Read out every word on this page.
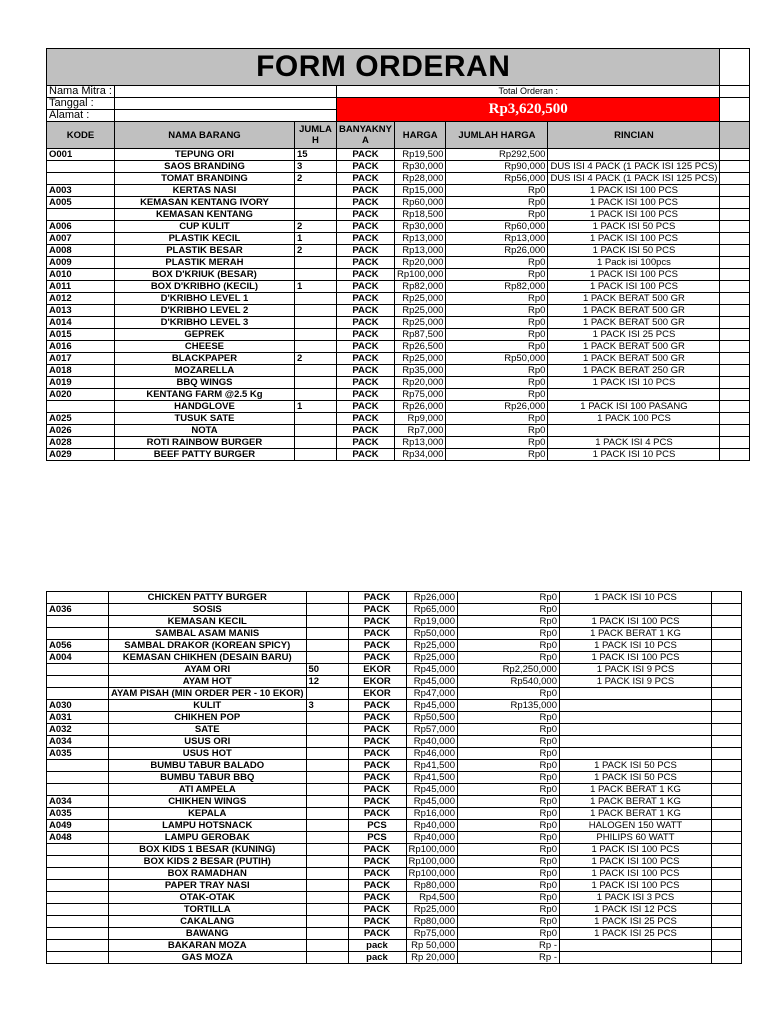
FORM ORDERAN							
Nama Mitra :			Total Orderan :				
Tanggal :			Rp3,620,500				
Alamat :							
KODE	NAMA BARANG	JUMLA H	BANYAKNY A	HARGA	JUMLAH HARGA	RINCIAN	
O001	TEPUNG ORI	15	PACK	Rp19,500	Rp292,500		
	SAOS BRANDING	3	PACK	Rp30,000	Rp90,000	DUS ISI 4 PACK (1 PACK ISI 125 PCS)	
	TOMAT BRANDING	2	PACK	Rp28,000	Rp56,000	DUS ISI 4 PACK (1 PACK ISI 125 PCS)	
A003	KERTAS NASI		PACK	Rp15,000	Rp0	1 PACK ISI 100 PCS	
A005	KEMASAN KENTANG IVORY		PACK	Rp60,000	Rp0	1 PACK ISI 100 PCS	
	KEMASAN KENTANG		PACK	Rp18,500	Rp0	1 PACK ISI 100 PCS	
A006	CUP KULIT	2	PACK	Rp30,000	Rp60,000	1 PACK ISI 50 PCS	
A007	PLASTIK KECIL	1	PACK	Rp13,000	Rp13,000	1 PACK ISI 100 PCS	
A008	PLASTIK BESAR	2	PACK	Rp13,000	Rp26,000	1 PACK ISI 50 PCS	
A009	PLASTIK MERAH		PACK	Rp20,000	Rp0	1 Pack isi 100pcs	
A010	BOX D'KRIUK (BESAR)		PACK	Rp100,000	Rp0	1 PACK ISI 100 PCS	
A011	BOX D'KRIBHO (KECIL)	1	PACK	Rp82,000	Rp82,000	1 PACK ISI 100 PCS	
A012	D'KRIBHO LEVEL 1		PACK	Rp25,000	Rp0	1 PACK BERAT 500 GR	
A013	D'KRIBHO LEVEL 2		PACK	Rp25,000	Rp0	1 PACK BERAT 500 GR	
A014	D'KRIBHO LEVEL 3		PACK	Rp25,000	Rp0	1 PACK BERAT 500 GR	
A015	GEPREK		PACK	Rp87,500	Rp0	1 PACK ISI 25 PCS	
A016	CHEESE		PACK	Rp26,500	Rp0	1 PACK BERAT 500 GR	
A017	BLACKPAPER	2	PACK	Rp25,000	Rp50,000	1 PACK BERAT 500 GR	
A018	MOZARELLA		PACK	Rp35,000	Rp0	1 PACK BERAT 250 GR	
A019	BBQ WINGS		PACK	Rp20,000	Rp0	1 PACK ISI 10 PCS	
A020	KENTANG FARM @2.5 Kg		PACK	Rp75,000	Rp0		
	HANDGLOVE	1	PACK	Rp26,000	Rp26,000	1 PACK ISI 100 PASANG	
A025	TUSUK SATE		PACK	Rp9,000	Rp0	1 PACK 100 PCS	
A026	NOTA		PACK	Rp7,000	Rp0		
A028	ROTI RAINBOW BURGER		PACK	Rp13,000	Rp0	1 PACK ISI 4 PCS	
A029	BEEF PATTY BURGER		PACK	Rp34,000	Rp0	1 PACK ISI 10 PCS	
	CHICKEN PATTY BURGER		PACK	Rp26,000	Rp0	1 PACK ISI 10 PCS	
A036	SOSIS		PACK	Rp65,000	Rp0		
	KEMASAN KECIL		PACK	Rp19,000	Rp0	1 PACK ISI 100 PCS	
	SAMBAL ASAM MANIS		PACK	Rp50,000	Rp0	1 PACK BERAT 1 KG	
A056	SAMBAL DRAKOR (KOREAN SPICY)		PACK	Rp25,000	Rp0	1 PACK ISI 10 PCS	
A004	KEMASAN CHIKHEN (DESAIN BARU)		PACK	Rp25,000	Rp0	1 PACK ISI 100 PCS	
	AYAM ORI	50	EKOR	Rp45,000	Rp2,250,000	1 PACK ISI 9 PCS	
	AYAM HOT	12	EKOR	Rp45,000	Rp540,000	1 PACK ISI 9 PCS	
	AYAM PISAH (MIN ORDER PER - 10 EKOR)		EKOR	Rp47,000	Rp0		
A030	KULIT	3	PACK	Rp45,000	Rp135,000		
A031	CHIKHEN POP		PACK	Rp50,500	Rp0		
A032	SATE		PACK	Rp57,000	Rp0		
A034	USUS ORI		PACK	Rp40,000	Rp0		
A035	USUS HOT		PACK	Rp46,000	Rp0		
	BUMBU TABUR BALADO		PACK	Rp41,500	Rp0	1 PACK ISI 50 PCS	
	BUMBU TABUR BBQ		PACK	Rp41,500	Rp0	1 PACK ISI 50 PCS	
	ATI AMPELA		PACK	Rp45,000	Rp0	1 PACK BERAT 1 KG	
A034	CHIKHEN WINGS		PACK	Rp45,000	Rp0	1 PACK BERAT 1 KG	
A035	KEPALA		PACK	Rp16,000	Rp0	1 PACK BERAT 1 KG	
A049	LAMPU HOTSNACK		PCS	Rp40,000	Rp0	HALOGEN 150 WATT	
A048	LAMPU GEROBAK		PCS	Rp40,000	Rp0	PHILIPS 60 WATT	
	BOX KIDS 1 BESAR (KUNING)		PACK	Rp100,000	Rp0	1 PACK ISI 100 PCS	
	BOX KIDS 2 BESAR (PUTIH)		PACK	Rp100,000	Rp0	1 PACK ISI 100 PCS	
	BOX RAMADHAN		PACK	Rp100,000	Rp0	1 PACK ISI 100 PCS	
	PAPER TRAY NASI		PACK	Rp80,000	Rp0	1 PACK ISI 100 PCS	
	OTAK-OTAK		PACK	Rp4,500	Rp0	1 PACK ISI 3 PCS	
	TORTILLA		PACK	Rp25,000	Rp0	1 PACK ISI 12 PCS	
	CAKALANG		PACK	Rp80,000	Rp0	1 PACK ISI 25 PCS	
	BAWANG		PACK	Rp75,000	Rp0	1 PACK ISI 25 PCS	
	BAKARAN MOZA		pack	Rp 50,000	Rp -		
	GAS MOZA		pack	Rp 20,000	Rp -		
